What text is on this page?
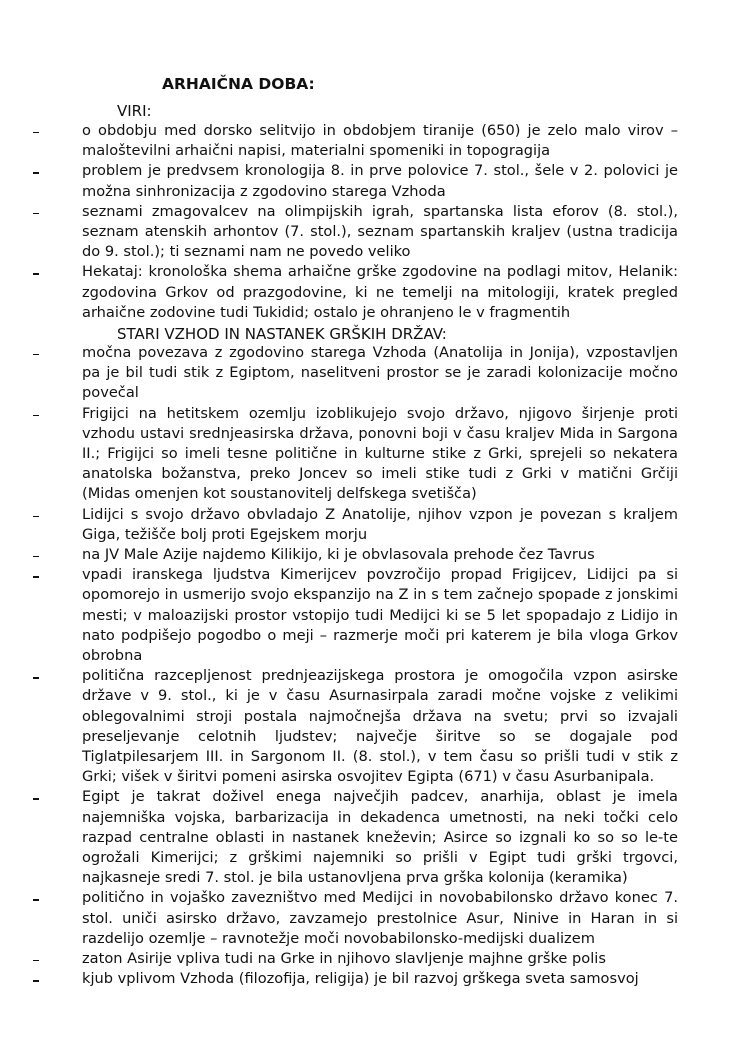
ARHAIČNA DOBA:
VIRI:
o obdobju med dorsko selitvijo in obdobjem tiranije (650) je zelo malo virov – maloštevilni arhaični napisi, materialni spomeniki in topogragija
problem je predvsem kronologija 8. in prve polovice 7. stol., šele v 2. polovici je možna sinhronizacija z zgodovino starega Vzhoda
seznami zmagovalcev na olimpijskih igrah, spartanska lista eforov (8. stol.), seznam atenskih arhontov (7. stol.), seznam spartanskih kraljev (ustna tradicija do 9. stol.); ti seznami nam ne povedo veliko
Hekataj: kronološka shema arhaične grške zgodovine na podlagi mitov, Helanik: zgodovina Grkov od prazgodovine, ki ne temelji na mitologiji, kratek pregled arhaične zodovine tudi Tukidid; ostalo je ohranjeno le v fragmentih
STARI VZHOD IN NASTANEK GRŠKIH DRŽAV:
močna povezava z zgodovino starega Vzhoda (Anatolija in Jonija), vzpostavljen pa je bil tudi stik z Egiptom, naselitveni prostor se je zaradi kolonizacije močno povečal
Frigijci na hetitskem ozemlju izoblikujejo svojo državo, njigovo širjenje proti vzhodu ustavi srednjeasirska država, ponovni boji v času kraljev Mida in Sargona II.; Frigijci so imeli tesne politične in kulturne stike z Grki, sprejeli so nekatera anatolska božanstva, preko Joncev so imeli stike tudi z Grki v matični Grčiji (Midas omenjen kot soustanovitelj delfskega svetišča)
Lidijci s svojo državo obvladajo Z Anatolije, njihov vzpon je povezan s kraljem Giga, težišče bolj proti Egejskem morju
na JV Male Azije najdemo Kilikijo, ki je obvlasovala prehode čez Tavrus
vpadi iranskega ljudstva Kimerijcev povzročijo propad Frigijcev, Lidijci pa si opomorejo in usmerijo svojo ekspanzijo na Z in s tem začnejo spopade z jonskimi mesti; v maloazijski prostor vstopijo tudi Medijci ki se 5 let spopadajo z Lidijo in nato podpišejo pogodbo o meji – razmerje moči pri katerem je bila vloga Grkov obrobna
politična razcepljenost prednjeazijskega prostora je omogočila vzpon asirske države v 9. stol., ki je v času Asurnasirpala zaradi močne vojske z velikimi oblegovalnimi stroji postala najmočnejša država na svetu; prvi so izvajali preseljevanje celotnih ljudstev; največje širitve so se dogajale pod Tiglatpilesarjem III. in Sargonom II. (8. stol.), v tem času so prišli tudi v stik z Grki; višek v širitvi pomeni asirska osvojitev Egipta (671) v času Asurbanipala.
Egipt je takrat doživel enega največjih padcev, anarhija, oblast je imela najemniška vojska, barbarizacija in dekadenca umetnosti, na neki točki celo razpad centralne oblasti in nastanek kneževin; Asirce so izgnali ko so so le-te ogrožali Kimerijci; z grškimi najemniki so prišli v Egipt tudi grški trgovci, najkasneje sredi 7. stol. je bila ustanovljena prva grška kolonija (keramika)
politično in vojaško zavezništvo med Medijci in novobabilonsko državo konec 7. stol. uniči asirsko državo, zavzamejo prestolnice Asur, Ninive in Haran in si razdelijo ozemlje – ravnotežje moči novobabilonsko-medijski dualizem
zaton Asirije vpliva tudi na Grke in njihovo slavljenje majhne grške polis
kjub vplivom Vzhoda (filozofija, religija) je bil razvoj grškega sveta samosvoj
